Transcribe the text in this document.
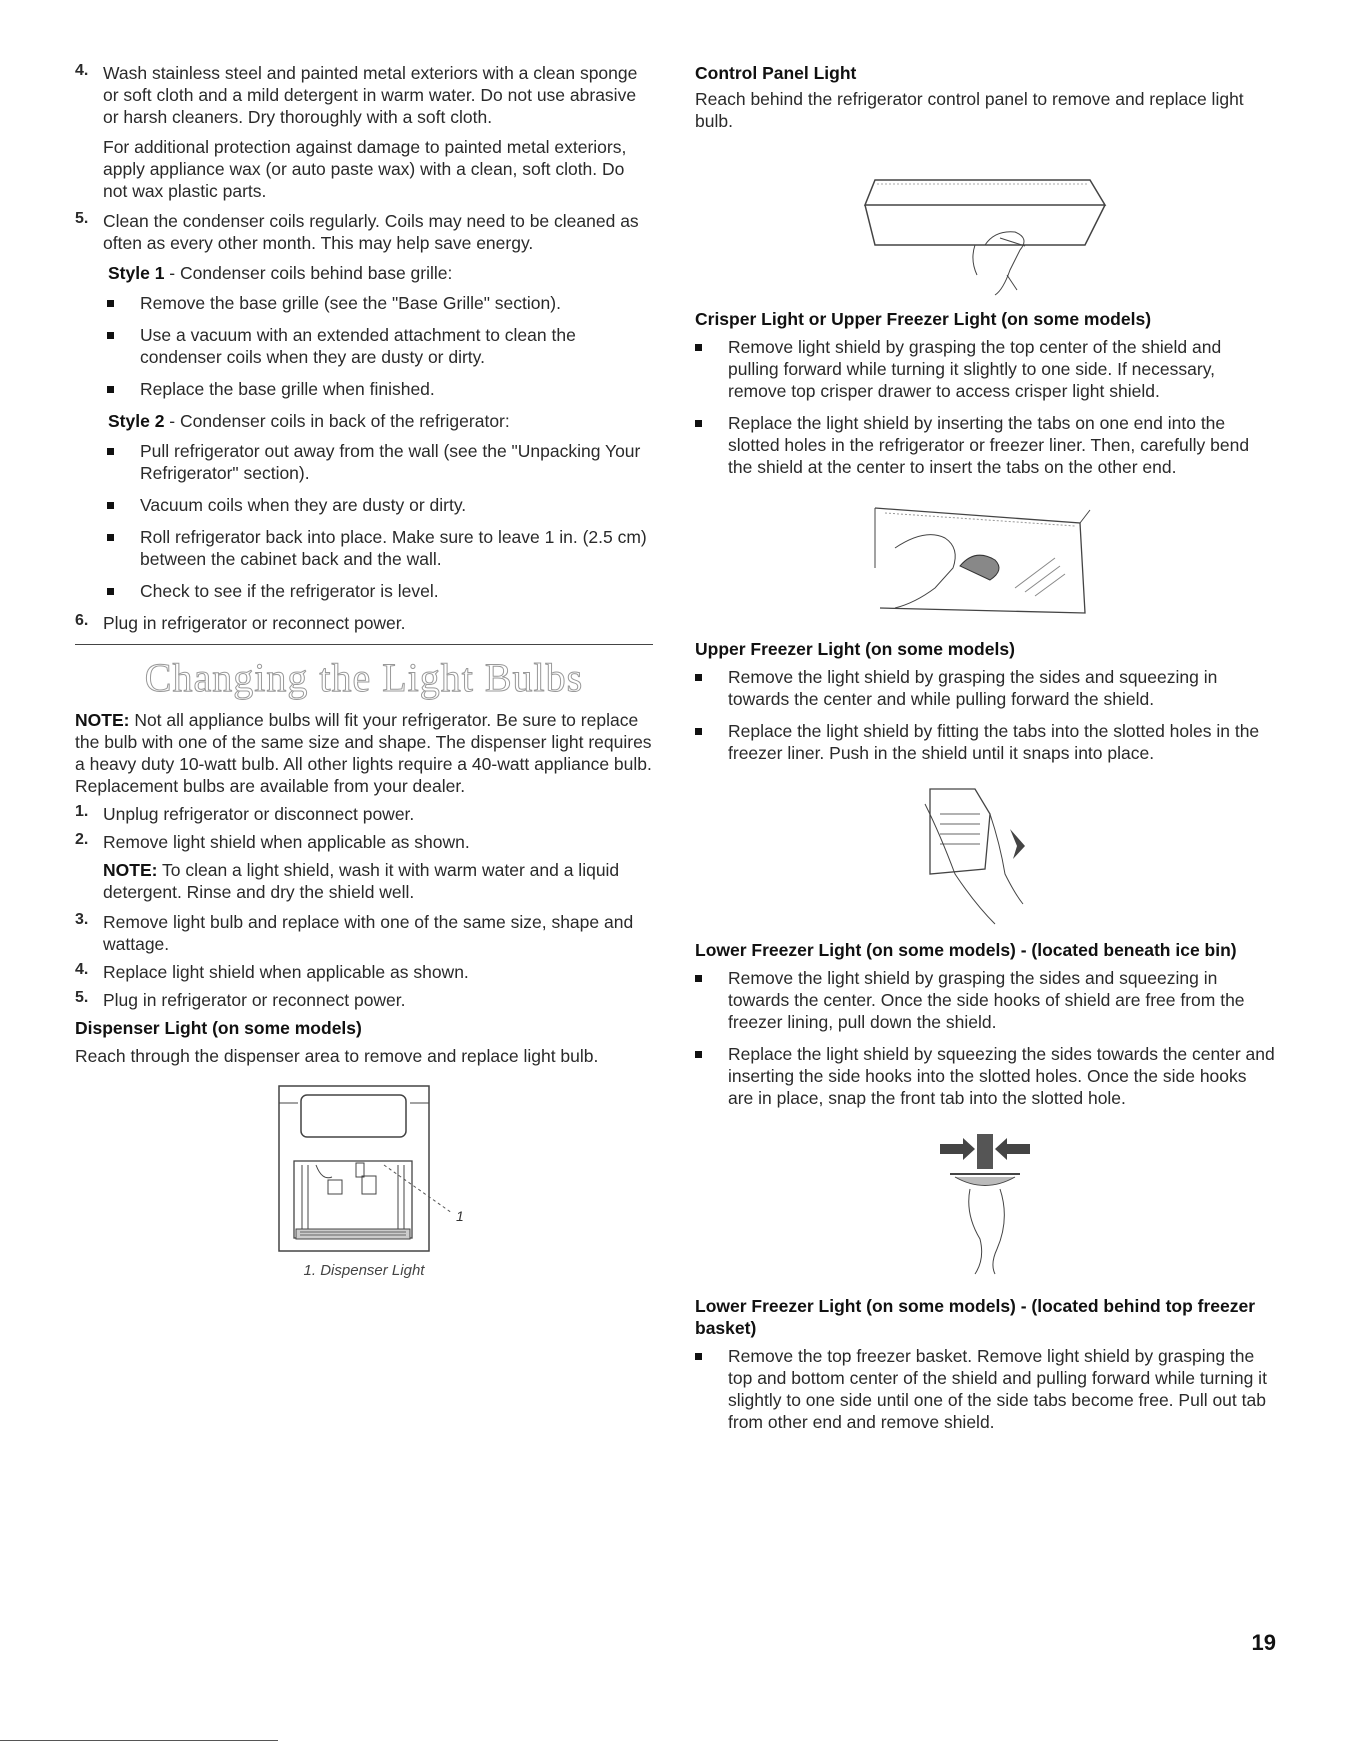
4. Wash stainless steel and painted metal exteriors with a clean sponge or soft cloth and a mild detergent in warm water. Do not use abrasive or harsh cleaners. Dry thoroughly with a soft cloth.

For additional protection against damage to painted metal exteriors, apply appliance wax (or auto paste wax) with a clean, soft cloth. Do not wax plastic parts.

5. Clean the condenser coils regularly. Coils may need to be cleaned as often as every other month. This may help save energy.

Style 1 - Condenser coils behind base grille:

Remove the base grille (see the "Base Grille" section).
Use a vacuum with an extended attachment to clean the condenser coils when they are dusty or dirty.
Replace the base grille when finished.

Style 2 - Condenser coils in back of the refrigerator:

Pull refrigerator out away from the wall (see the "Unpacking Your Refrigerator" section).
Vacuum coils when they are dusty or dirty.
Roll refrigerator back into place. Make sure to leave 1 in. (2.5 cm) between the cabinet back and the wall.
Check to see if the refrigerator is level.
6. Plug in refrigerator or reconnect power.

Changing the Light Bulbs

NOTE: Not all appliance bulbs will fit your refrigerator. Be sure to replace the bulb with one of the same size and shape. The dispenser light requires a heavy duty 10-watt bulb. All other lights require a 40-watt appliance bulb. Replacement bulbs are available from your dealer.

1. Unplug refrigerator or disconnect power.

2. Remove light shield when applicable as shown.

NOTE: To clean a light shield, wash it with warm water and a liquid detergent. Rinse and dry the shield well.

3. Remove light bulb and replace with one of the same size, shape and wattage.

4. Replace light shield when applicable as shown.

5. Plug in refrigerator or reconnect power.

Dispenser Light (on some models)

Reach through the dispenser area to remove and replace light bulb.

1
1. Dispenser Light

Control Panel Light

Reach behind the refrigerator control panel to remove and replace light bulb.

Crisper Light or Upper Freezer Light (on some models)

Remove light shield by grasping the top center of the shield and pulling forward while turning it slightly to one side. If necessary, remove top crisper drawer to access crisper light shield.
Replace the light shield by inserting the tabs on one end into the slotted holes in the refrigerator or freezer liner. Then, carefully bend the shield at the center to insert the tabs on the other end.

Upper Freezer Light (on some models)

Remove the light shield by grasping the sides and squeezing in towards the center and while pulling forward the shield.
Replace the light shield by fitting the tabs into the slotted holes in the freezer liner. Push in the shield until it snaps into place.

Lower Freezer Light (on some models) - (located beneath ice bin)

Remove the light shield by grasping the sides and squeezing in towards the center. Once the side hooks of shield are free from the freezer lining, pull down the shield.
Replace the light shield by squeezing the sides towards the center and inserting the side hooks into the slotted holes. Once the side hooks are in place, snap the front tab into the slotted hole.

Lower Freezer Light (on some models) - (located behind top freezer basket)

Remove the top freezer basket. Remove light shield by grasping the top and bottom center of the shield and pulling forward while turning it slightly to one side until one of the side tabs become free. Pull out tab from other end and remove shield.
19
